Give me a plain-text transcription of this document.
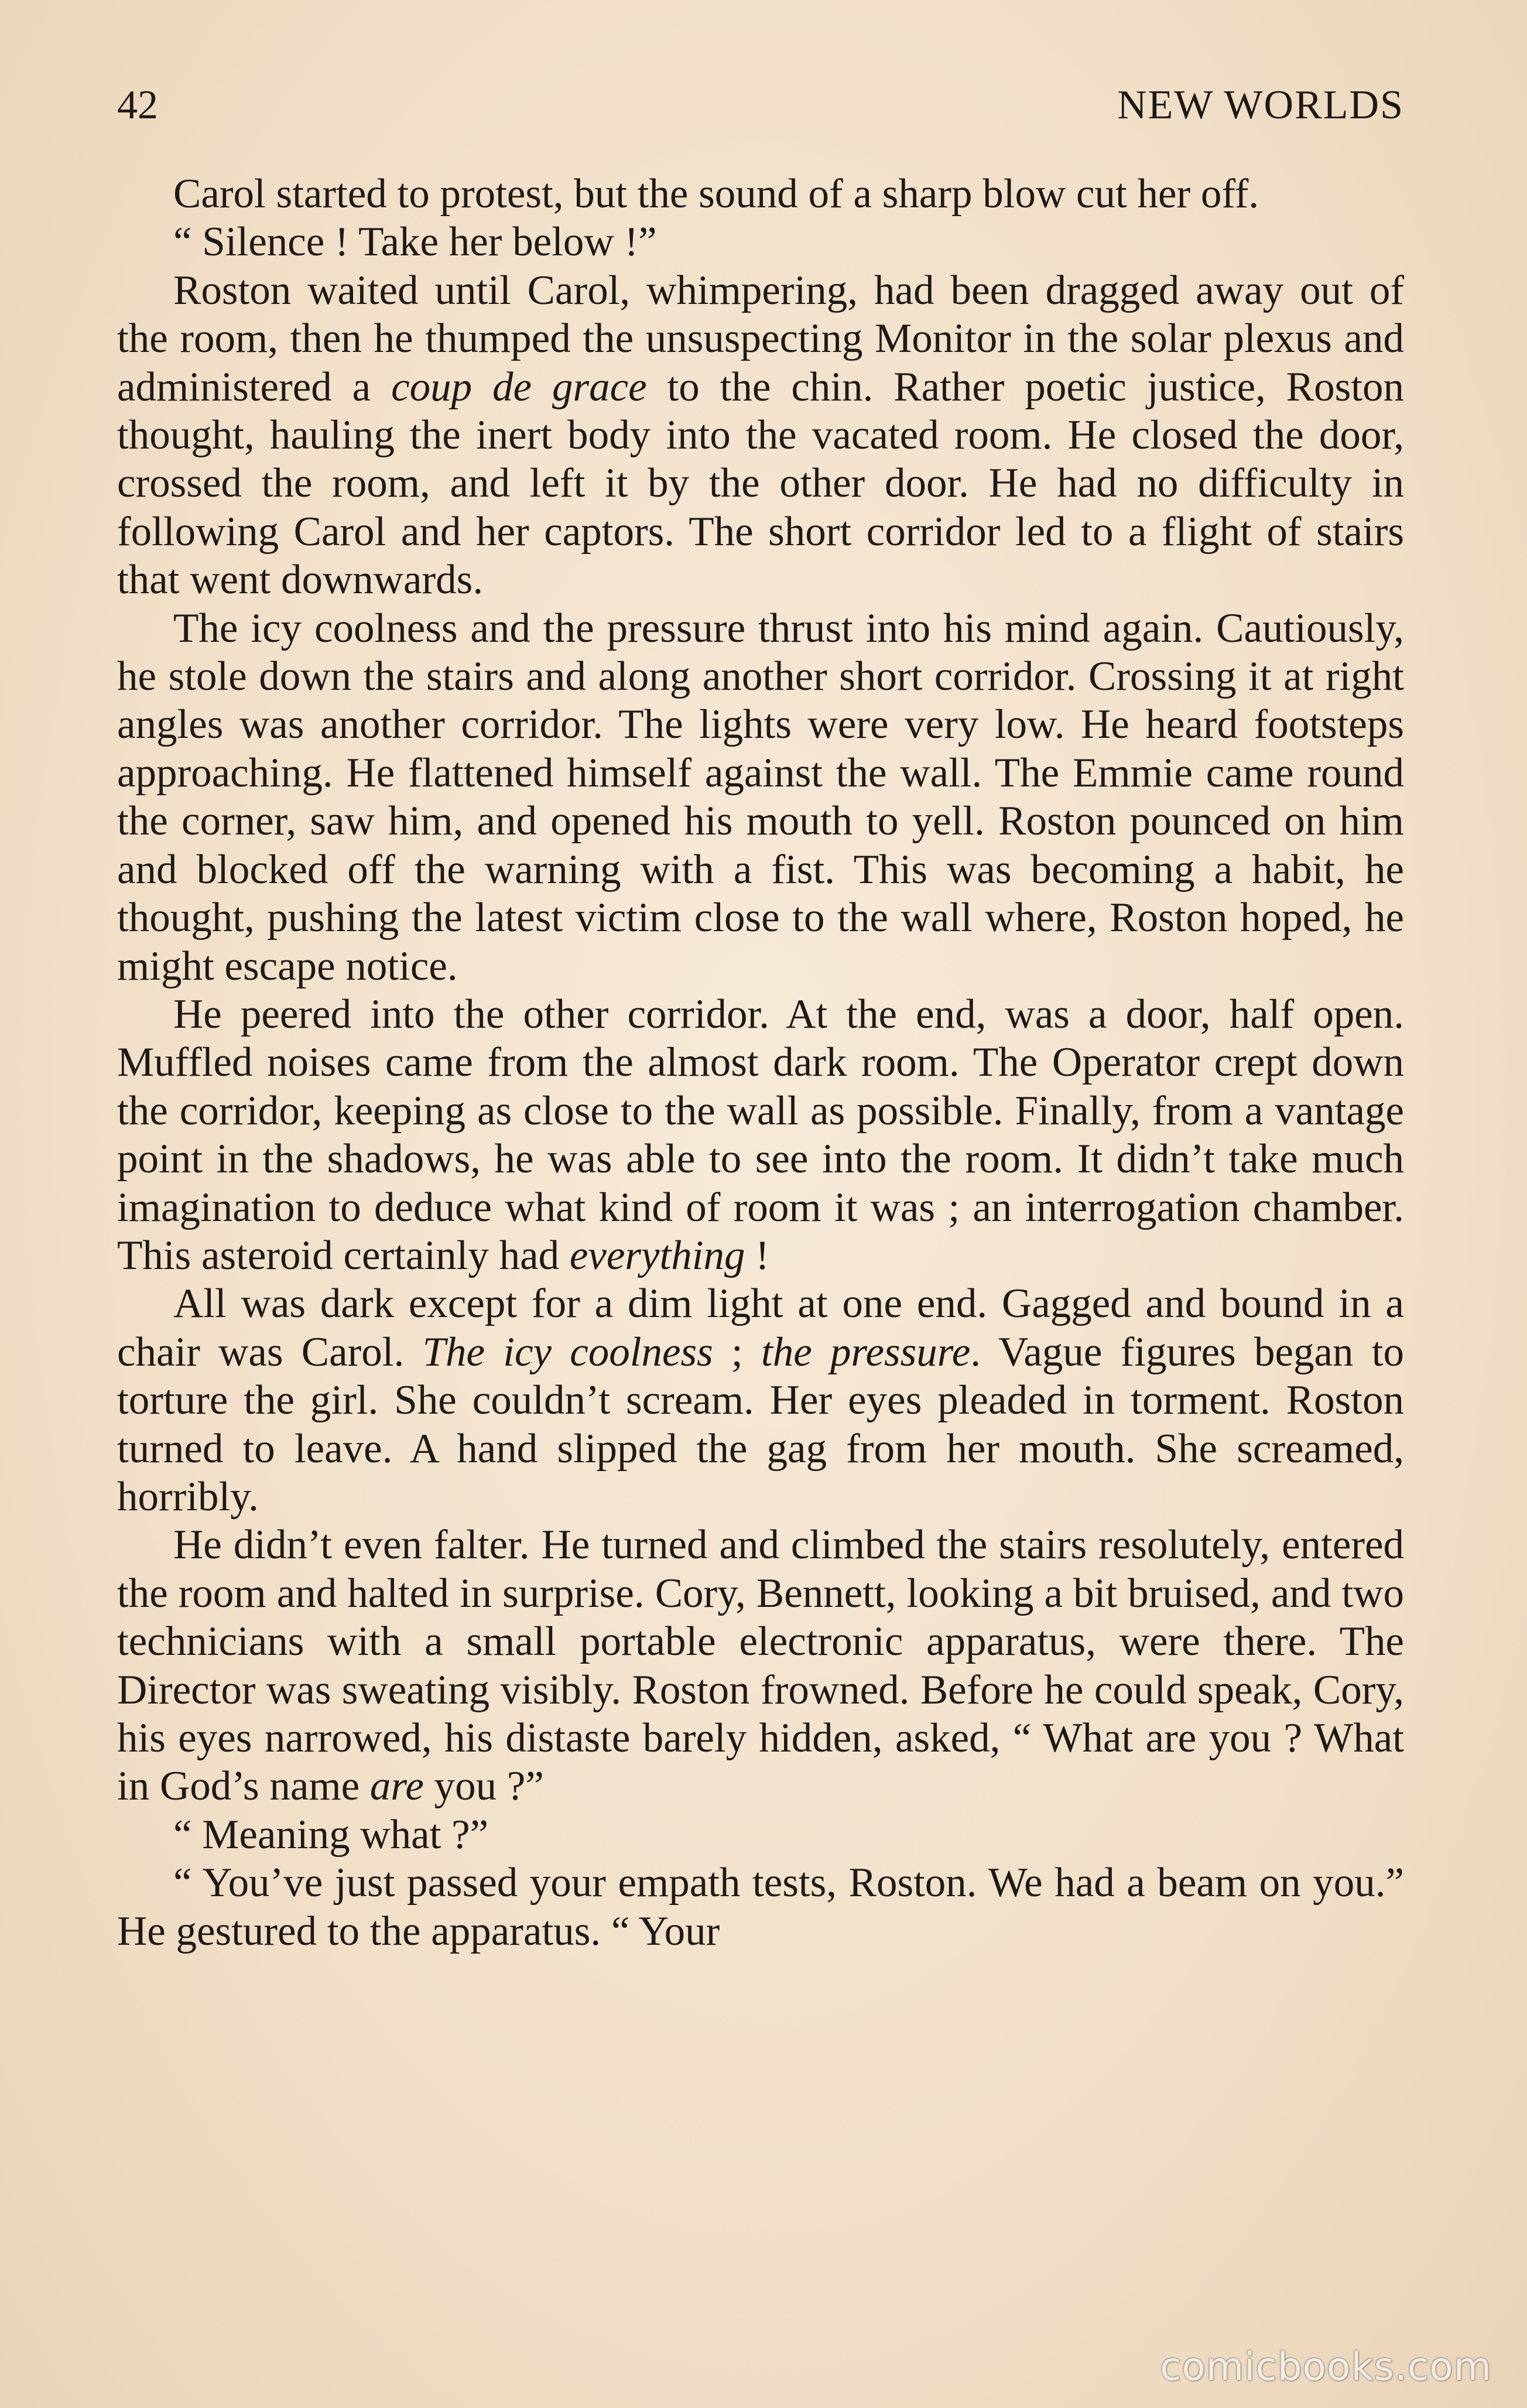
42	NEW WORLDS

Carol started to protest, but the sound of a sharp blow cut her off.

“ Silence ! Take her below !”

Roston waited until Carol, whimpering, had been dragged away out of the room, then he thumped the unsuspecting Monitor in the solar plexus and administered a coup de grace to the chin. Rather poetic justice, Roston thought, hauling the inert body into the vacated room. He closed the door, crossed the room, and left it by the other door. He had no difficulty in following Carol and her captors. The short corridor led to a flight of stairs that went downwards.

The icy coolness and the pressure thrust into his mind again. Cautiously, he stole down the stairs and along another short corridor. Crossing it at right angles was another corridor. The lights were very low. He heard footsteps approaching. He flattened himself against the wall. The Emmie came round the corner, saw him, and opened his mouth to yell. Roston pounced on him and blocked off the warning with a fist. This was becoming a habit, he thought, pushing the latest victim close to the wall where, Roston hoped, he might escape notice.

He peered into the other corridor. At the end, was a door, half open. Muffled noises came from the almost dark room. The Operator crept down the corridor, keeping as close to the wall as possible. Finally, from a vantage point in the shadows, he was able to see into the room. It didn’t take much imagination to deduce what kind of room it was ; an interrogation chamber. This asteroid certainly had everything !

All was dark except for a dim light at one end. Gagged and bound in a chair was Carol. The icy coolness ; the pressure. Vague figures began to torture the girl. She couldn’t scream. Her eyes pleaded in torment. Roston turned to leave. A hand slipped the gag from her mouth. She screamed, horribly.

He didn’t even falter. He turned and climbed the stairs resolutely, entered the room and halted in surprise. Cory, Bennett, looking a bit bruised, and two technicians with a small portable electronic apparatus, were there. The Director was sweating visibly. Roston frowned. Before he could speak, Cory, his eyes narrowed, his distaste barely hidden, asked, “ What are you ? What in God’s name are you ?”

“ Meaning what ?”

“ You’ve just passed your empath tests, Roston. We had a beam on you.” He gestured to the apparatus. “ Your

comicbooks.com
